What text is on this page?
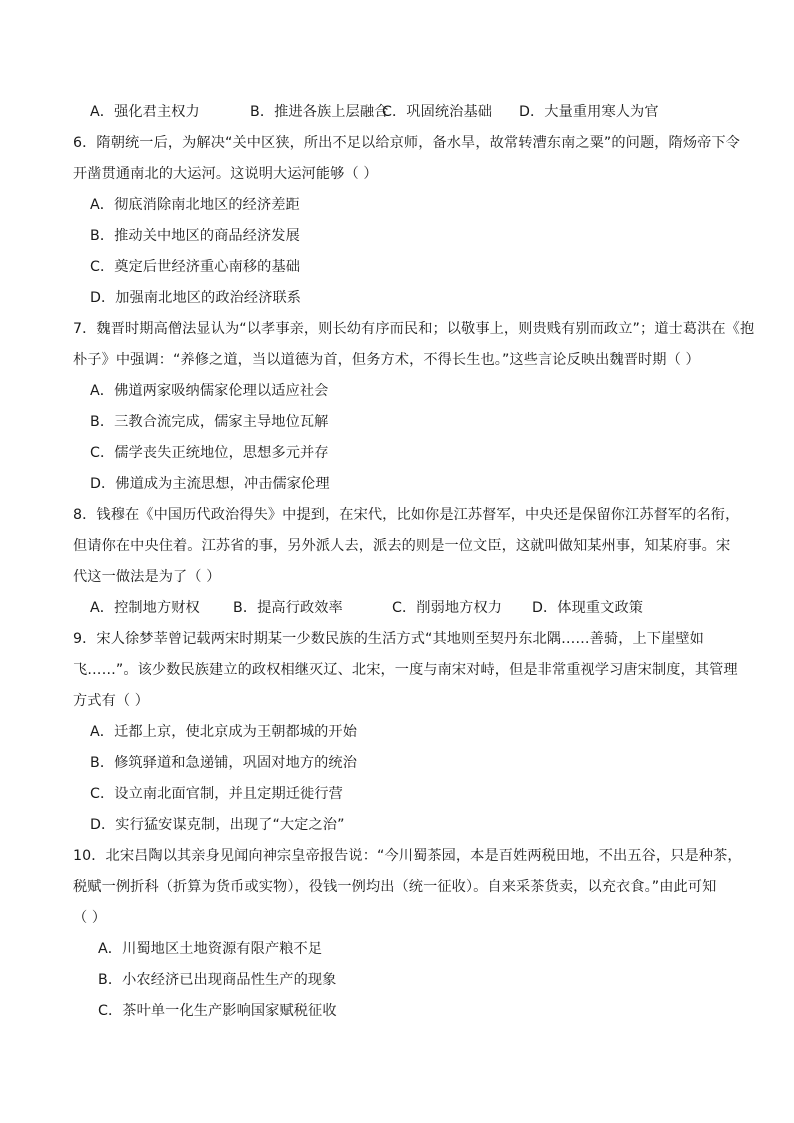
A．强化君主权力	B．推进各族上层融合
C．巩固统治基础	D．大量重用寒人为官
6．隋朝统一后，为解决“关中区狭，所出不足以给京师，备水旱，故常转漕东南之粟”的问题，隋炀帝下令
开凿贯通南北的大运河。这说明大运河能够（ ）
A．彻底消除南北地区的经济差距
B．推动关中地区的商品经济发展
C．奠定后世经济重心南移的基础
D．加强南北地区的政治经济联系
7．魏晋时期高僧法显认为“以孝事亲，则长幼有序而民和；以敬事上，则贵贱有别而政立”；道士葛洪在《抱
朴子》中强调：“养修之道，当以道德为首，但务方术，不得长生也。”这些言论反映出魏晋时期（ ）
A．佛道两家吸纳儒家伦理以适应社会
B．三教合流完成，儒家主导地位瓦解
C．儒学丧失正统地位，思想多元并存
D．佛道成为主流思想，冲击儒家伦理
8．钱穆在《中国历代政治得失》中提到，在宋代，比如你是江苏督军，中央还是保留你江苏督军的名衔，
但请你在中央住着。江苏省的事，另外派人去，派去的则是一位文臣，这就叫做知某州事，知某府事。宋
代这一做法是为了（ ）
A．控制地方财权	B．提高行政效率	C．削弱地方权力	D．体现重文政策
9．宋人徐梦莘曾记载两宋时期某一少数民族的生活方式“其地则至契丹东北隅……善骑，上下崖壁如
飞……”。该少数民族建立的政权相继灭辽、北宋，一度与南宋对峙，但是非常重视学习唐宋制度，其管理
方式有（ ）
A．迁都上京，使北京成为王朝都城的开始
B．修筑驿道和急递铺，巩固对地方的统治
C．设立南北面官制，并且定期迁徙行营
D．实行猛安谋克制，出现了“大定之治”
10．北宋吕陶以其亲身见闻向神宗皇帝报告说：“今川蜀茶园，本是百姓两税田地，不出五谷，只是种茶，
税赋一例折科（折算为货币或实物），役钱一例均出（统一征收）。自来采茶货卖，以充衣食。”由此可知
（ ）
A．川蜀地区土地资源有限产粮不足
B．小农经济已出现商品性生产的现象
C．茶叶单一化生产影响国家赋税征收
